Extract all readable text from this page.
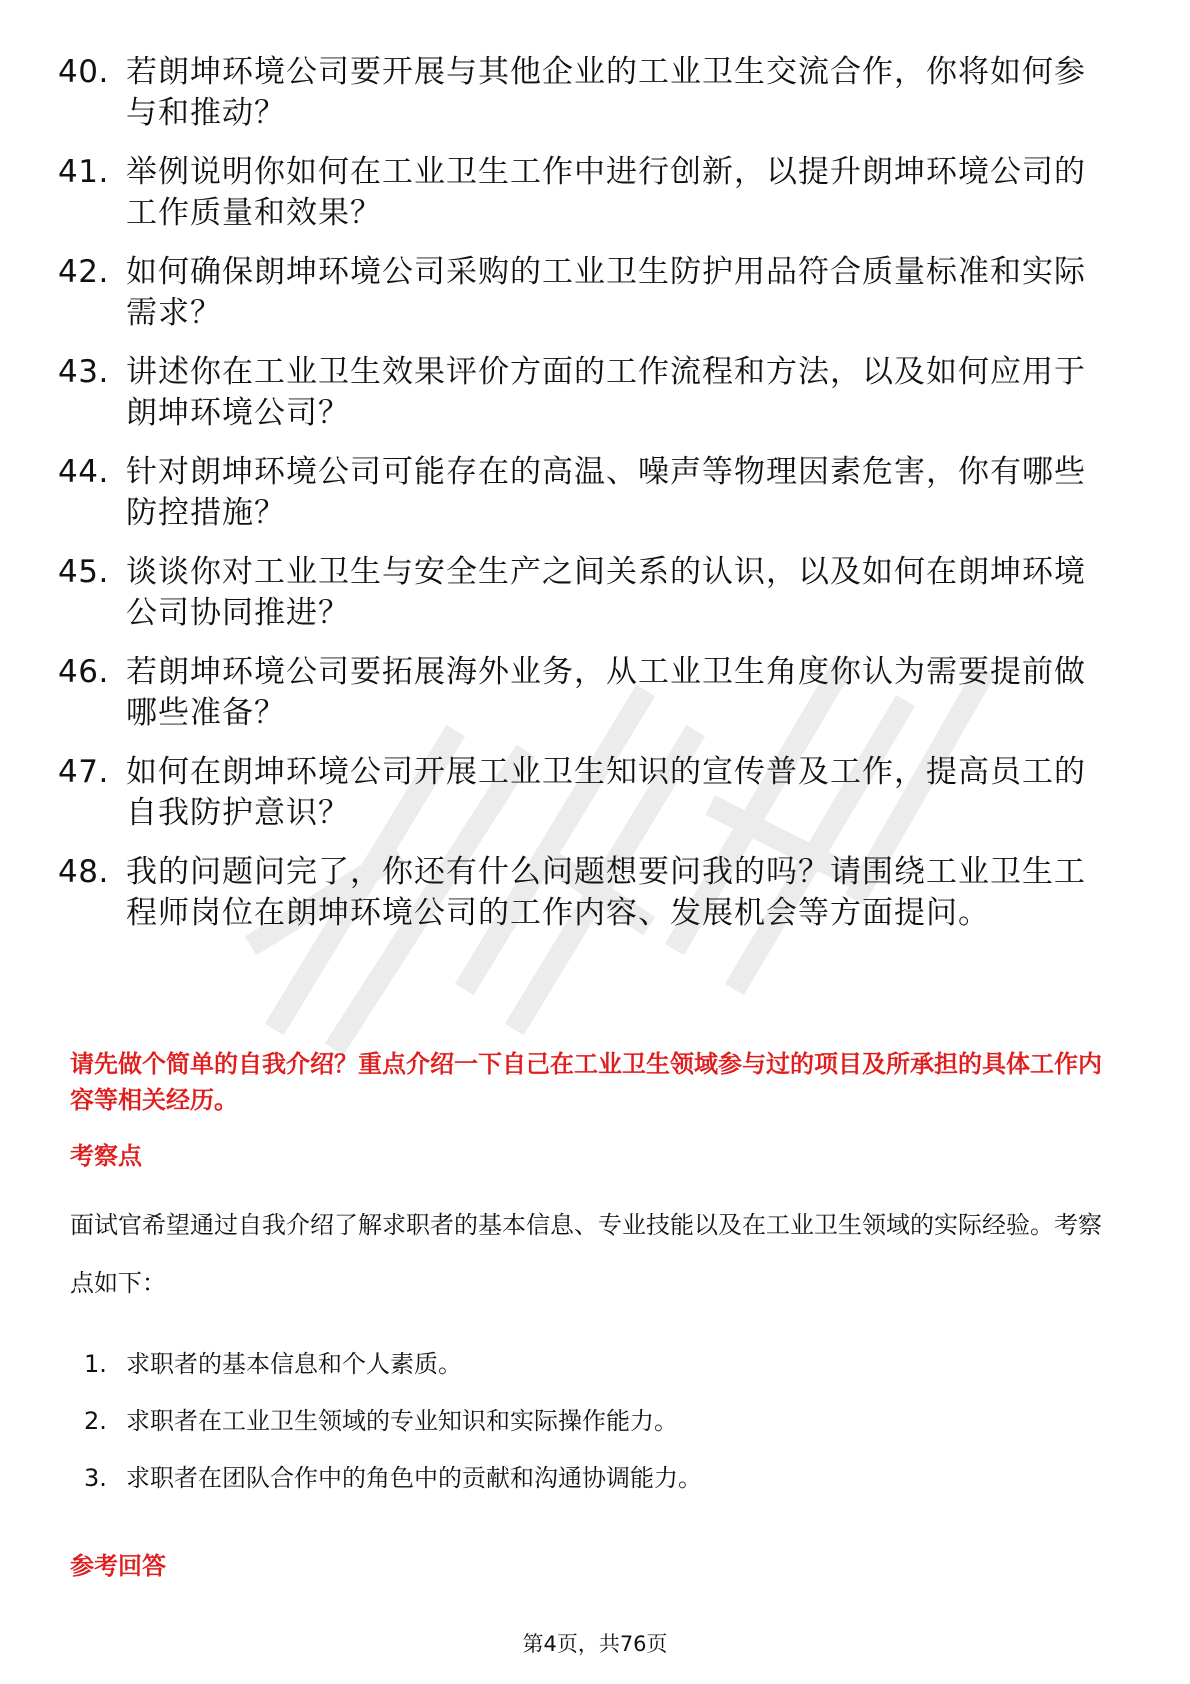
40. 若朗坤环境公司要开展与其他企业的工业卫生交流合作，你将如何参与和推动？
41. 举例说明你如何在工业卫生工作中进行创新，以提升朗坤环境公司的工作质量和效果？
42. 如何确保朗坤环境公司采购的工业卫生防护用品符合质量标准和实际需求？
43. 讲述你在工业卫生效果评价方面的工作流程和方法，以及如何应用于朗坤环境公司？
44. 针对朗坤环境公司可能存在的高温、噪声等物理因素危害，你有哪些防控措施？
45. 谈谈你对工业卫生与安全生产之间关系的认识，以及如何在朗坤环境公司协同推进？
46. 若朗坤环境公司要拓展海外业务，从工业卫生角度你认为需要提前做哪些准备？
47. 如何在朗坤环境公司开展工业卫生知识的宣传普及工作，提高员工的自我防护意识？
48. 我的问题问完了，你还有什么问题想要问我的吗？请围绕工业卫生工程师岗位在朗坤环境公司的工作内容、发展机会等方面提问。
请先做个简单的自我介绍？重点介绍一下自己在工业卫生领域参与过的项目及所承担的具体工作内容等相关经历。
考察点
面试官希望通过自我介绍了解求职者的基本信息、专业技能以及在工业卫生领域的实际经验。考察点如下：
1. 求职者的基本信息和个人素质。
2. 求职者在工业卫生领域的专业知识和实际操作能力。
3. 求职者在团队合作中的角色中的贡献和沟通协调能力。
参考回答
第4页，共76页
